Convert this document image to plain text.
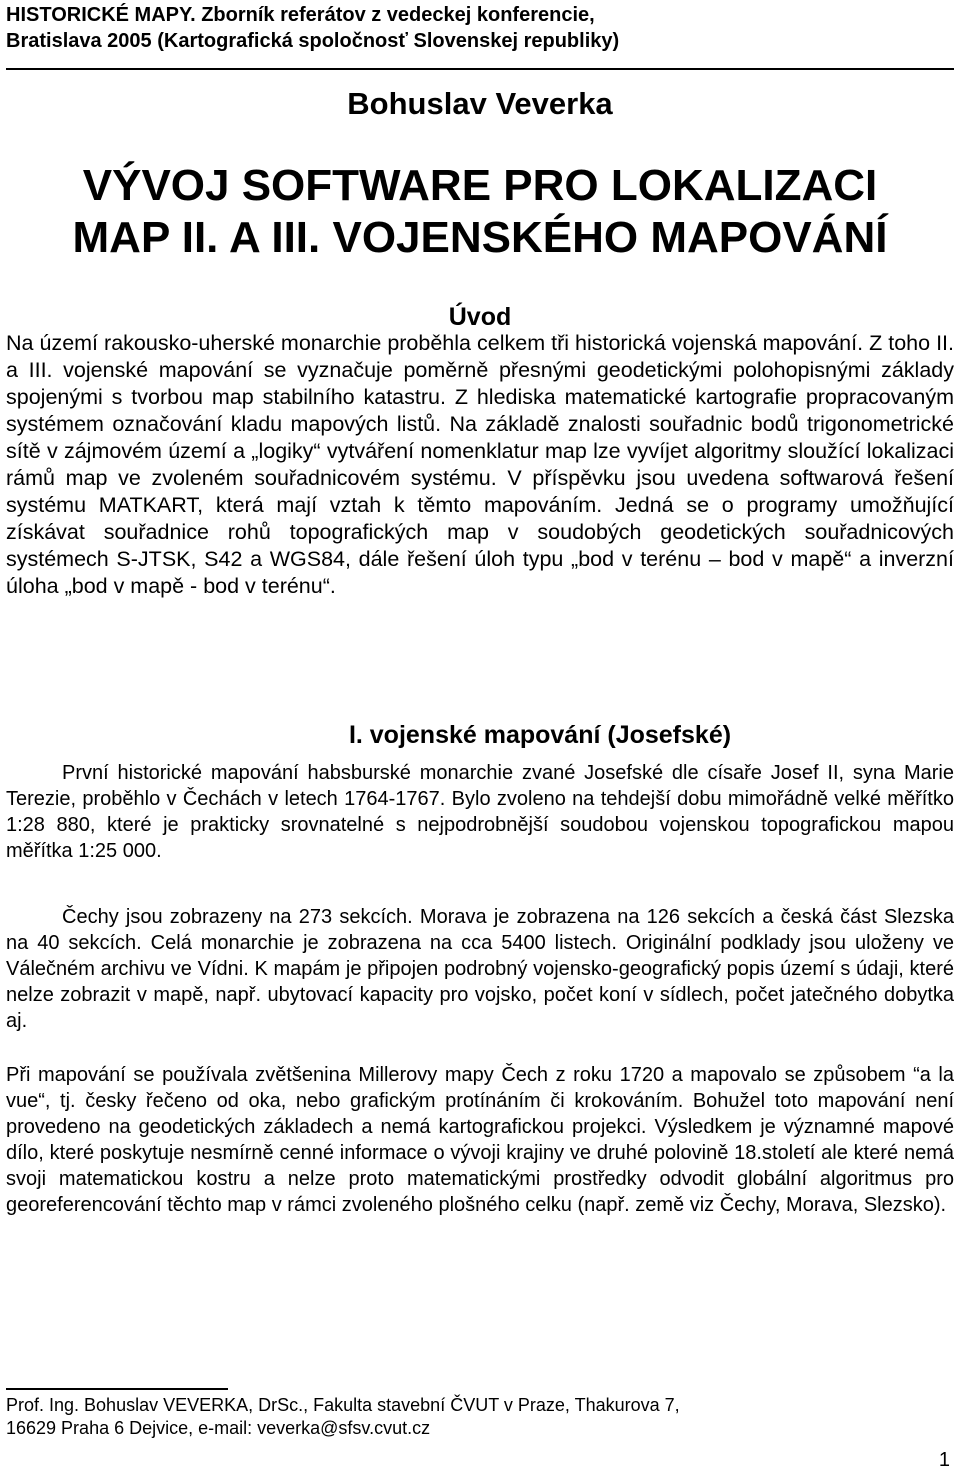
HISTORICKÉ MAPY. Zborník referátov z vedeckej konferencie,
Bratislava 2005 (Kartografická spoločnosť Slovenskej republiky)
Bohuslav Veverka
VÝVOJ SOFTWARE PRO LOKALIZACI
MAP II. A III. VOJENSKÉHO MAPOVÁNÍ
Úvod

Na území rakousko-uherské monarchie proběhla celkem tři historická vojenská mapování. Z toho II. a III. vojenské mapování se vyznačuje poměrně přesnými geodetickými polohopisnými základy spojenými s tvorbou map stabilního katastru. Z hlediska matematické kartografie propracovaným systémem označování kladu mapových listů. Na základě znalosti souřadnic bodů trigonometrické sítě v zájmovém území a „logiky“ vytváření nomenklatur map lze vyvíjet algoritmy sloužící lokalizaci rámů map ve zvoleném souřadnicovém systému. V příspěvku jsou uvedena softwarová řešení systému MATKART, která mají vztah k těmto mapováním. Jedná se o programy umožňující získávat souřadnice rohů topografických map v soudobých geodetických souřadnicových systémech S-JTSK, S42 a WGS84, dále řešení úloh typu „bod v terénu – bod v mapě“ a inverzní úloha „bod v mapě - bod v terénu“.

I. vojenské mapování (Josefské)

První historické mapování habsburské monarchie zvané Josefské dle císaře Josef II, syna Marie Terezie, proběhlo v Čechách v letech 1764-1767. Bylo zvoleno na tehdejší dobu mimořádně velké měřítko 1:28 880, které je prakticky srovnatelné s nejpodrobnější soudobou vojenskou topografickou mapou měřítka 1:25 000.

Čechy jsou zobrazeny na 273 sekcích. Morava je zobrazena na 126 sekcích a česká část Slezska na 40 sekcích. Celá monarchie je zobrazena na cca 5400 listech. Originální podklady jsou uloženy ve Válečném archivu ve Vídni. K mapám je připojen podrobný vojensko-geografický popis území s údaji, které nelze zobrazit v mapě, např. ubytovací kapacity pro vojsko, počet koní v sídlech, počet jatečného dobytka aj.

Při mapování se používala zvětšenina Millerovy mapy Čech z roku 1720 a mapovalo se způsobem “a la vue“, tj. česky řečeno od oka, nebo grafickým protínáním či krokováním. Bohužel toto mapování není provedeno na geodetických základech a nemá kartografickou projekci. Výsledkem je významné mapové dílo, které poskytuje nesmírně cenné informace o vývoji krajiny ve druhé polovině 18.století ale které nemá svoji matematickou kostru a nelze proto matematickými prostředky odvodit globální algoritmus pro georeferencování těchto map v rámci zvoleného plošného celku (např. země viz Čechy, Morava, Slezsko).

Prof. Ing. Bohuslav VEVERKA, DrSc., Fakulta stavební ČVUT v Praze, Thakurova 7,
16629 Praha 6 Dejvice, e-mail: veverka@sfsv.cvut.cz
1
